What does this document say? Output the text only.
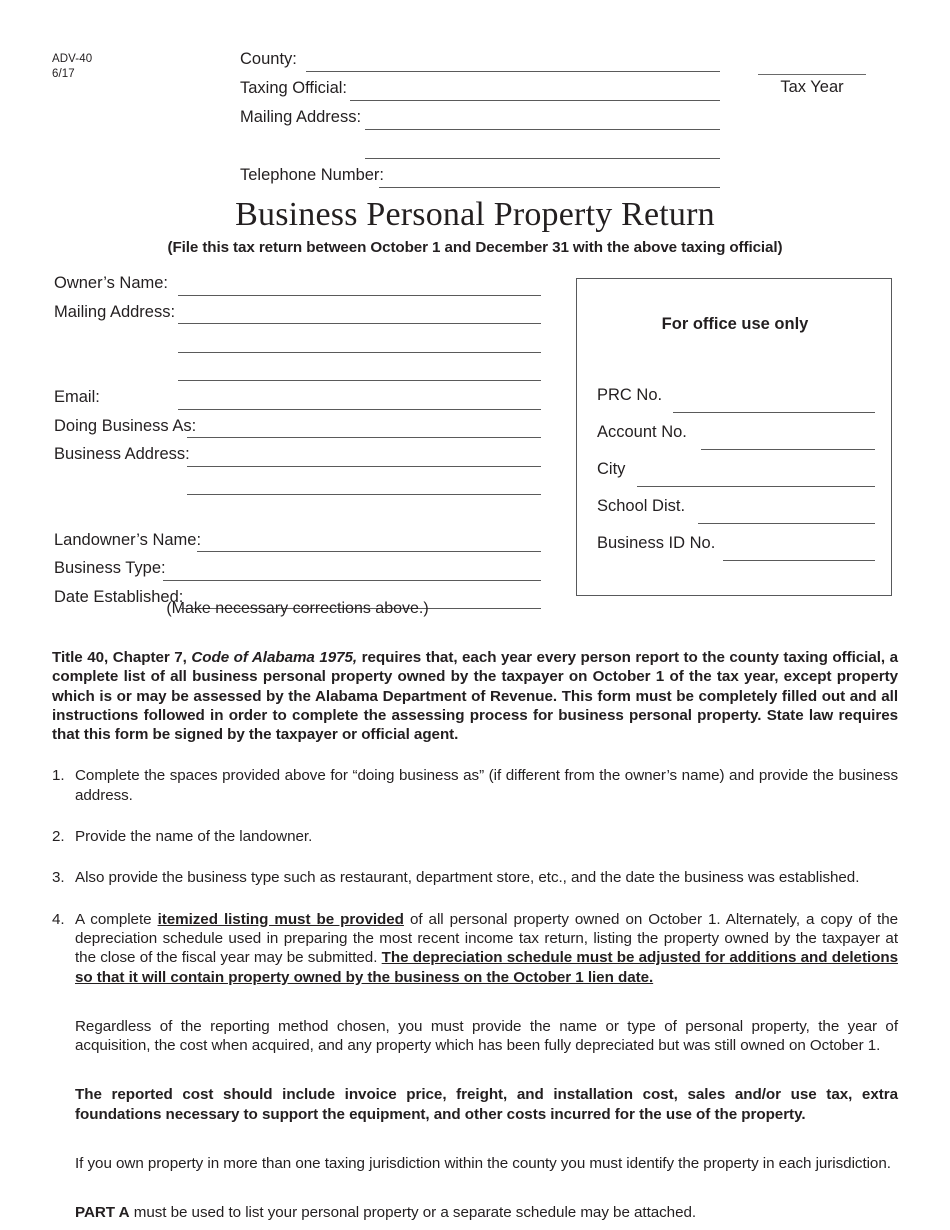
ADV-40
6/17
County:
Taxing Official:
Mailing Address:
Telephone Number:
Tax Year
Business Personal Property Return
(File this tax return between October 1 and December 31 with the above taxing official)
Owner’s Name:
Mailing Address:
Email:
Doing Business As:
Business Address:
Landowner’s Name:
Business Type:
Date Established:
(Make necessary corrections above.)
For office use only
PRC No.
Account No.
City
School Dist.
Business ID No.

Title 40, Chapter 7, Code of Alabama 1975, requires that, each year every person report to the county taxing official, a complete list of all business personal property owned by the taxpayer on October 1 of the tax year, except property which is or may be assessed by the Alabama Department of Revenue. This form must be completely filled out and all instructions followed in order to complete the assessing process for business personal property. State law requires that this form be signed by the taxpayer or official agent.

1. Complete the spaces provided above for “doing business as” (if different from the owner’s name) and provide the business address.
2. Provide the name of the landowner.
3. Also provide the business type such as restaurant, department store, etc., and the date the business was established.
4. A complete itemized listing must be provided of all personal property owned on October 1. Alternately, a copy of the depreciation schedule used in preparing the most recent income tax return, listing the property owned by the taxpayer at the close of the fiscal year may be submitted. The depreciation schedule must be adjusted for additions and deletions so that it will contain property owned by the business on the October 1 lien date.

Regardless of the reporting method chosen, you must provide the name or type of personal property, the year of acquisition, the cost when acquired, and any property which has been fully depreciated but was still owned on October 1.

The reported cost should include invoice price, freight, and installation cost, sales and/or use tax, extra foundations necessary to support the equipment, and other costs incurred for the use of the property.

If you own property in more than one taxing jurisdiction within the county you must identify the property in each jurisdiction.

PART A must be used to list your personal property or a separate schedule may be attached.
